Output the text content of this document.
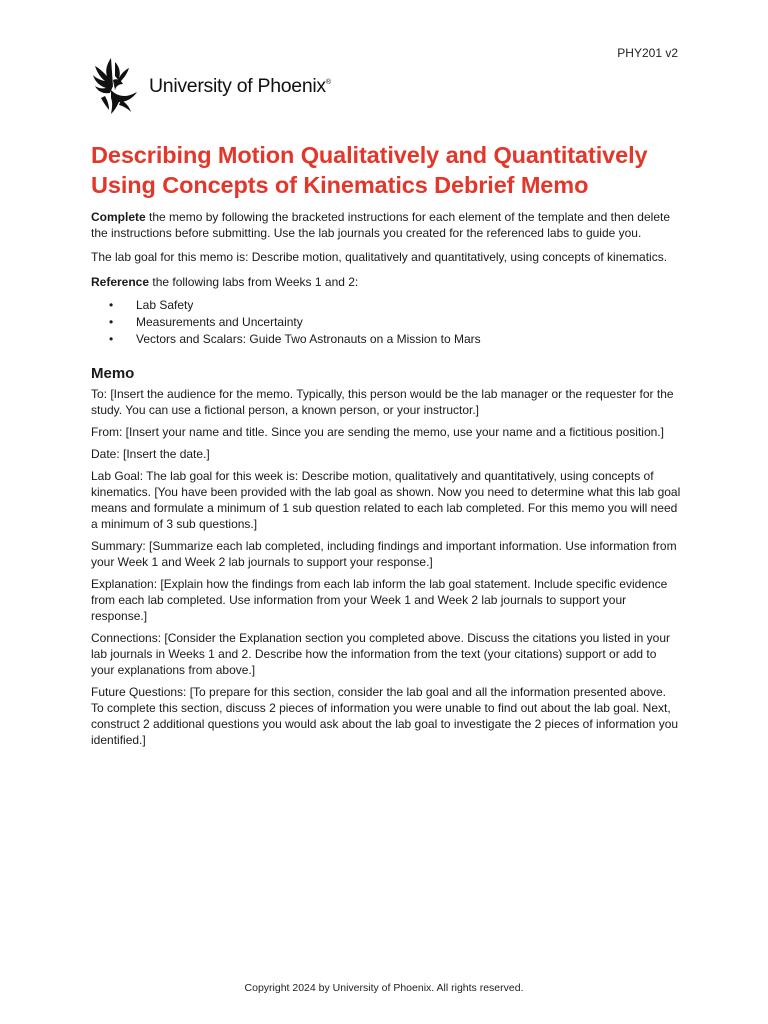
PHY201 v2
University of Phoenix®
Describing Motion Qualitatively and Quantitatively Using Concepts of Kinematics Debrief Memo

Complete the memo by following the bracketed instructions for each element of the template and then delete the instructions before submitting. Use the lab journals you created for the referenced labs to guide you.

The lab goal for this memo is: Describe motion, qualitatively and quantitatively, using concepts of kinematics.

Reference the following labs from Weeks 1 and 2:

• Lab Safety
• Measurements and Uncertainty
• Vectors and Scalars: Guide Two Astronauts on a Mission to Mars
Memo

To: [Insert the audience for the memo. Typically, this person would be the lab manager or the requester for the study. You can use a fictional person, a known person, or your instructor.]

From: [Insert your name and title. Since you are sending the memo, use your name and a fictitious position.]

Date: [Insert the date.]

Lab Goal: The lab goal for this week is: Describe motion, qualitatively and quantitatively, using concepts of kinematics. [You have been provided with the lab goal as shown. Now you need to determine what this lab goal means and formulate a minimum of 1 sub question related to each lab completed. For this memo you will need a minimum of 3 sub questions.]

Summary: [Summarize each lab completed, including findings and important information. Use information from your Week 1 and Week 2 lab journals to support your response.]

Explanation: [Explain how the findings from each lab inform the lab goal statement. Include specific evidence from each lab completed. Use information from your Week 1 and Week 2 lab journals to support your response.]

Connections: [Consider the Explanation section you completed above. Discuss the citations you listed in your lab journals in Weeks 1 and 2. Describe how the information from the text (your citations) support or add to your explanations from above.]

Future Questions: [To prepare for this section, consider the lab goal and all the information presented above. To complete this section, discuss 2 pieces of information you were unable to find out about the lab goal. Next, construct 2 additional questions you would ask about the lab goal to investigate the 2 pieces of information you identified.]

Copyright 2024 by University of Phoenix. All rights reserved.
